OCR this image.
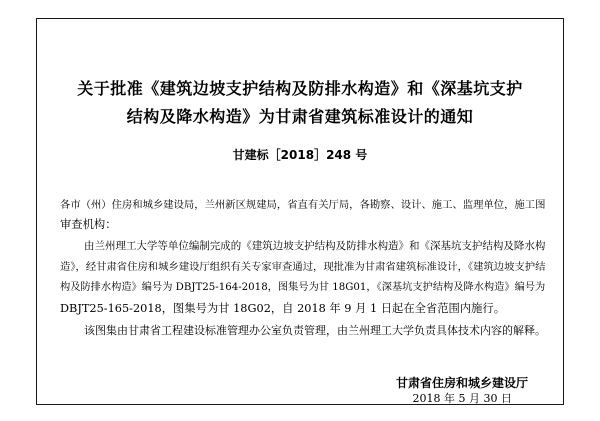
关于批准《建筑边坡支护结构及防排水构造》和《深基坑支护
结构及降水构造》为甘肃省建筑标准设计的通知
甘建标［2018］248 号
各市（州）住房和城乡建设局，兰州新区规建局，省直有关厅局，各勘察、设计、施工、监理单位，施工图
审查机构：
由兰州理工大学等单位编制完成的《建筑边坡支护结构及防排水构造》和《深基坑支护结构及降水构
造》，经甘肃省住房和城乡建设厅组织有关专家审查通过，现批准为甘肃省建筑标准设计，《建筑边坡支护结
构及防排水构造》编号为 DBJT25-164-2018，图集号为甘 18G01，《深基坑支护结构及降水构造》编号为
DBJT25-165-2018，图集号为甘 18G02，自 2018 年 9 月 1 日起在全省范围内施行。
该图集由甘肃省工程建设标准管理办公室负责管理，由兰州理工大学负责具体技术内容的解释。
甘肃省住房和城乡建设厅
2018 年 5 月 30 日
